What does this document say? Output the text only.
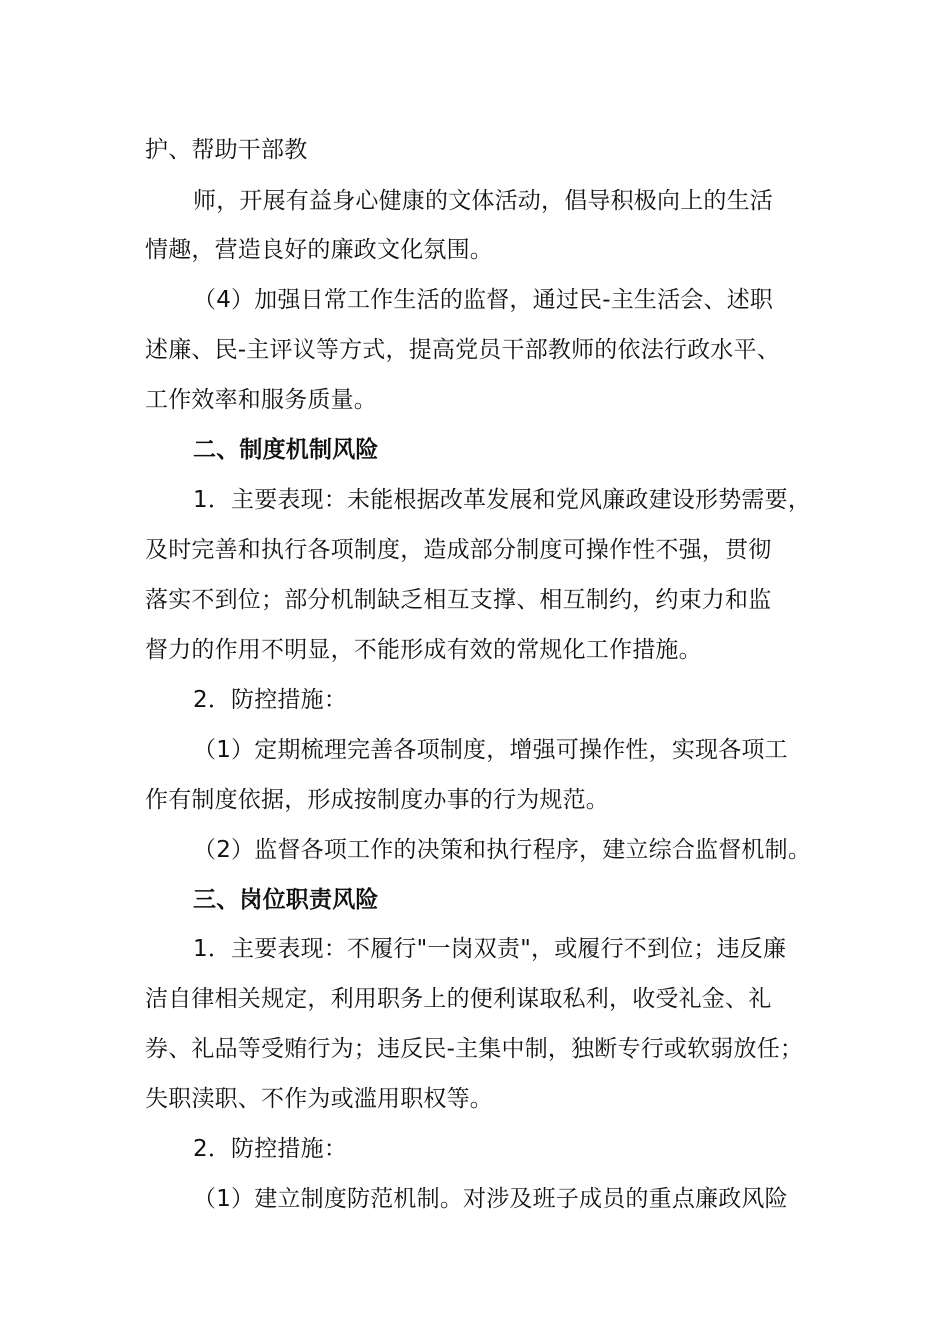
护、帮助干部教
师，开展有益身心健康的文体活动，倡导积极向上的生活
情趣，营造良好的廉政文化氛围。
（4）加强日常工作生活的监督，通过民-主生活会、述职
述廉、民-主评议等方式，提高党员干部教师的依法行政水平、
工作效率和服务质量。
二、制度机制风险
1．主要表现：未能根据改革发展和党风廉政建设形势需要，
及时完善和执行各项制度，造成部分制度可操作性不强，贯彻
落实不到位；部分机制缺乏相互支撑、相互制约，约束力和监
督力的作用不明显，不能形成有效的常规化工作措施。
2．防控措施：
（1）定期梳理完善各项制度，增强可操作性，实现各项工
作有制度依据，形成按制度办事的行为规范。
（2）监督各项工作的决策和执行程序，建立综合监督机制。
三、岗位职责风险
1．主要表现：不履行"一岗双责"，或履行不到位；违反廉
洁自律相关规定，利用职务上的便利谋取私利，收受礼金、礼
券、礼品等受贿行为；违反民-主集中制，独断专行或软弱放任；
失职渎职、不作为或滥用职权等。
2．防控措施：
（1）建立制度防范机制。对涉及班子成员的重点廉政风险
